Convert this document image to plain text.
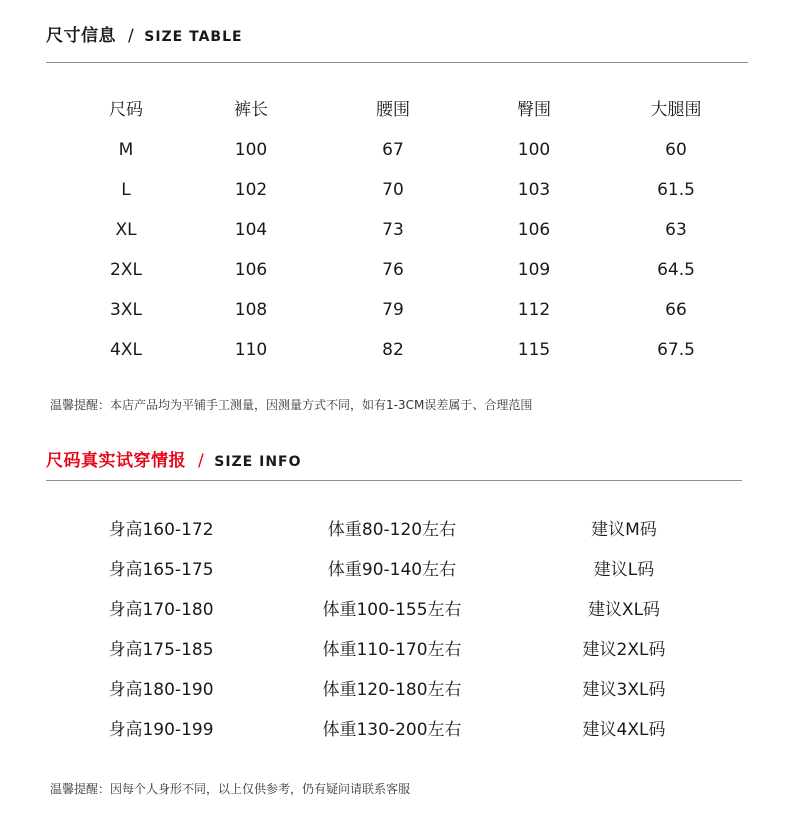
尺寸信息 / SIZE TABLE
尺码	裤长	腰围	臀围	大腿围
M	100	67	100	60
L	102	70	103	61.5
XL	104	73	106	63
2XL	106	76	109	64.5
3XL	108	79	112	66
4XL	110	82	115	67.5
温馨提醒：本店产品均为平铺手工测量，因测量方式不同，如有1-3CM误差属于、合理范围
尺码真实试穿情报 / SIZE INFO
身高160-172	体重80-120左右	建议M码
身高165-175	体重90-140左右	建议L码
身高170-180	体重100-155左右	建议XL码
身高175-185	体重110-170左右	建议2XL码
身高180-190	体重120-180左右	建议3XL码
身高190-199	体重130-200左右	建议4XL码
温馨提醒：因每个人身形不同，以上仅供参考，仍有疑问请联系客服
